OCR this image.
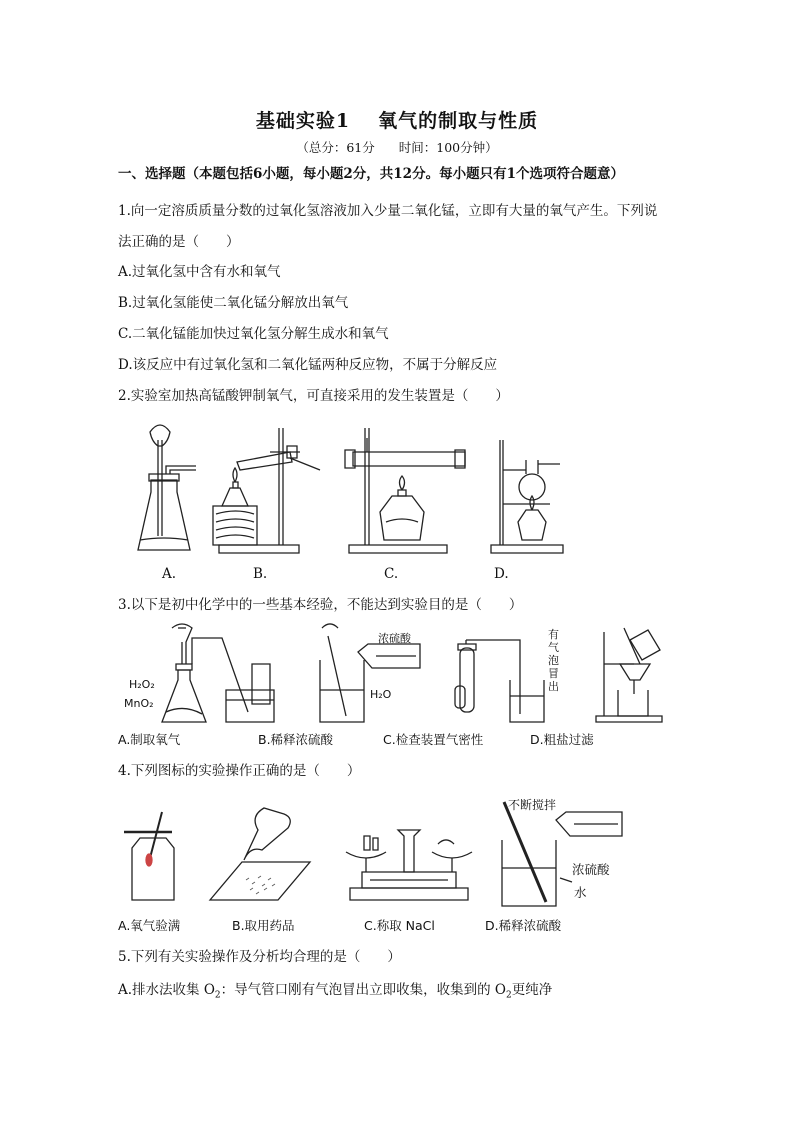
基础实验1 氧气的制取与性质
（总分：61分 时间：100分钟）
一、选择题（本题包括6小题，每小题2分，共12分。每小题只有1个选项符合题意）
1.向一定溶质质量分数的过氧化氢溶液加入少量二氧化锰，立即有大量的氧气产生。下列说
法正确的是（　　）
A.过氧化氢中含有水和氧气
B.过氧化氢能使二氧化锰分解放出氧气
C.二氧化锰能加快过氧化氢分解生成水和氧气
D.该反应中有过氧化氢和二氧化锰两种反应物，不属于分解反应
2.实验室加热高锰酸钾制氧气，可直接采用的发生装置是（　　）
A.	B.	C.	D.
3.以下是初中化学中的一些基本经验，不能达到实验目的是（　　）
H₂O₂
MnO₂
浓硫酸
H₂O
有气泡冒出
A.制取氧气	B.稀释浓硫酸	C.检查装置气密性	D.粗盐过滤
4.下列图标的实验操作正确的是（　　）
不断搅拌
浓硫酸
水
A.氧气验满	B.取用药品	C.称取 NaCl	D.稀释浓硫酸
5.下列有关实验操作及分析均合理的是（　　）
A.排水法收集 $O_2$：导气管口刚有气泡冒出立即收集，收集到的 $O_2$更纯净
